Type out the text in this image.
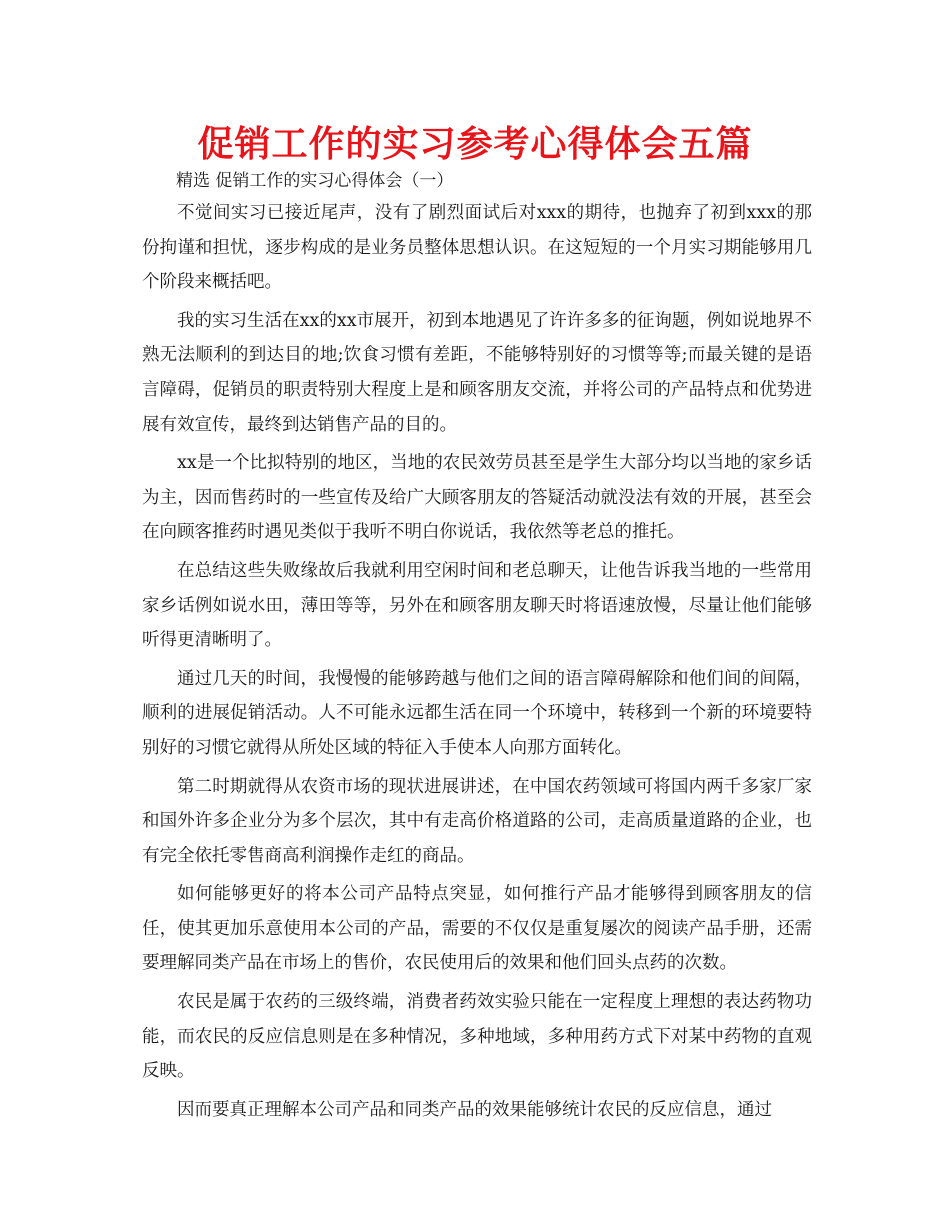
促销工作的实习参考心得体会五篇
精选 促销工作的实习心得体会（一）

不觉间实习已接近尾声，没有了剧烈面试后对xxx的期待，也抛弃了初到xxx的那份拘谨和担忧，逐步构成的是业务员整体思想认识。在这短短的一个月实习期能够用几个阶段来概括吧。

我的实习生活在xx的xx市展开，初到本地遇见了许许多多的征询题，例如说地界不熟无法顺利的到达目的地;饮食习惯有差距，不能够特别好的习惯等等;而最关键的是语言障碍，促销员的职责特别大程度上是和顾客朋友交流，并将公司的产品特点和优势进展有效宣传，最终到达销售产品的目的。

xx是一个比拟特别的地区，当地的农民效劳员甚至是学生大部分均以当地的家乡话为主，因而售药时的一些宣传及给广大顾客朋友的答疑活动就没法有效的开展，甚至会在向顾客推药时遇见类似于我听不明白你说话，我依然等老总的推托。

在总结这些失败缘故后我就利用空闲时间和老总聊天，让他告诉我当地的一些常用家乡话例如说水田，薄田等等，另外在和顾客朋友聊天时将语速放慢，尽量让他们能够听得更清晰明了。

通过几天的时间，我慢慢的能够跨越与他们之间的语言障碍解除和他们间的间隔，顺利的进展促销活动。人不可能永远都生活在同一个环境中，转移到一个新的环境要特别好的习惯它就得从所处区域的特征入手使本人向那方面转化。

第二时期就得从农资市场的现状进展讲述，在中国农药领域可将国内两千多家厂家和国外许多企业分为多个层次，其中有走高价格道路的公司，走高质量道路的企业，也有完全依托零售商高利润操作走红的商品。

如何能够更好的将本公司产品特点突显，如何推行产品才能够得到顾客朋友的信任，使其更加乐意使用本公司的产品，需要的不仅仅是重复屡次的阅读产品手册，还需要理解同类产品在市场上的售价，农民使用后的效果和他们回头点药的次数。

农民是属于农药的三级终端，消费者药效实验只能在一定程度上理想的表达药物功能，而农民的反应信息则是在多种情况，多种地域，多种用药方式下对某中药物的直观反映。

因而要真正理解本公司产品和同类产品的效果能够统计农民的反应信息，通过
